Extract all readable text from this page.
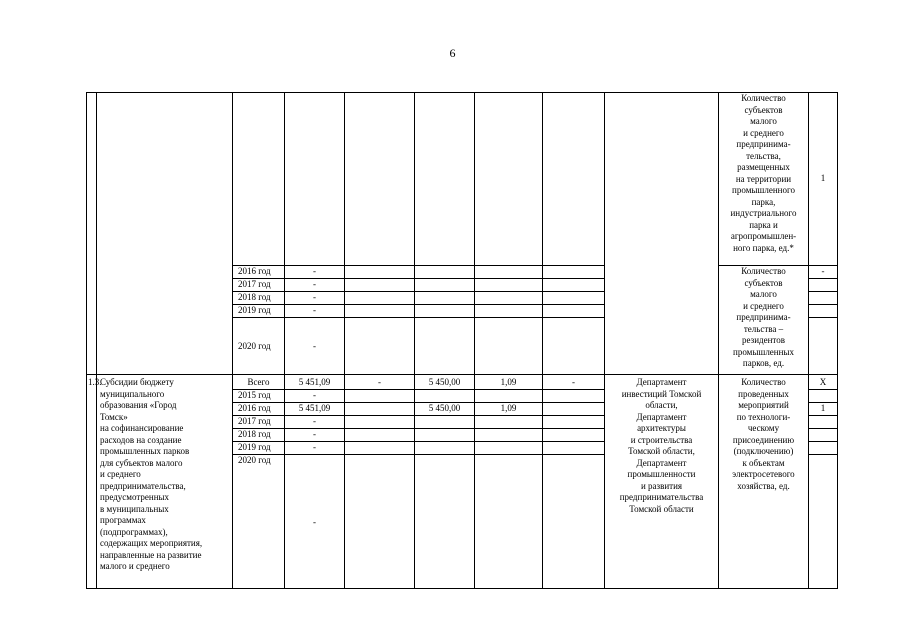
6
Количество
субъектов
малого
и среднего
предпринима-
тельства,
размещенных
на территории
промышленного
парка,
индустриального
парка и
агропромышлен-
ного парка, ед.*
1
2016 год
2017 год
2018 год
2019 год
2020 год
-
-
-
-
-
Количество
субъектов
малого
и среднего
предпринима-
тельства –
резидентов
промышленных
парков, ед.
-
1.3.
Субсидии бюджету
муниципального
образования «Город
Томск»
на софинансирование
расходов на создание
промышленных парков
для субъектов малого
и среднего
предпринимательства,
предусмотренных
в муниципальных
программах
(подпрограммах),
содержащих мероприятия,
направленные на развитие
малого и среднего
Всего
2015 год
2016 год
2017 год
2018 год
2019 год
2020 год
5 451,09
-
5 451,09
-
-
-
-
-	5 450,00
5 450,00
1,09
1,09
-	Департамент
инвестиций Томской
области,
Департамент
архитектуры
и строительства
Томской области,
Департамент
промышленности
и развития
предпринимательства
Томской области
Количество
проведенных
мероприятий
по технологи-
ческому
присоединению
(подключению)
к объектам
электросетевого
хозяйства, ед.
X
1
